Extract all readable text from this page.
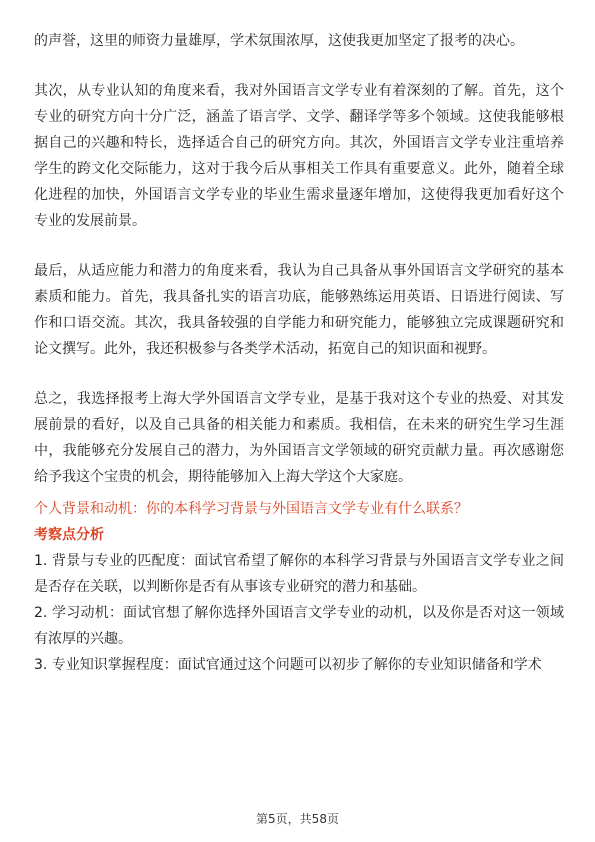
的声誉，这里的师资力量雄厚，学术氛围浓厚，这使我更加坚定了报考的决心。

其次，从专业认知的角度来看，我对外国语言文学专业有着深刻的了解。首先，这个专业的研究方向十分广泛，涵盖了语言学、文学、翻译学等多个领域。这使我能够根据自己的兴趣和特长，选择适合自己的研究方向。其次，外国语言文学专业注重培养学生的跨文化交际能力，这对于我今后从事相关工作具有重要意义。此外，随着全球化进程的加快，外国语言文学专业的毕业生需求量逐年增加，这使得我更加看好这个专业的发展前景。

最后，从适应能力和潜力的角度来看，我认为自己具备从事外国语言文学研究的基本素质和能力。首先，我具备扎实的语言功底，能够熟练运用英语、日语进行阅读、写作和口语交流。其次，我具备较强的自学能力和研究能力，能够独立完成课题研究和论文撰写。此外，我还积极参与各类学术活动，拓宽自己的知识面和视野。

总之，我选择报考上海大学外国语言文学专业，是基于我对这个专业的热爱、对其发展前景的看好，以及自己具备的相关能力和素质。我相信，在未来的研究生学习生涯中，我能够充分发展自己的潜力，为外国语言文学领域的研究贡献力量。再次感谢您给予我这个宝贵的机会，期待能够加入上海大学这个大家庭。

个人背景和动机：你的本科学习背景与外国语言文学专业有什么联系？
考察点分析

1. 背景与专业的匹配度：面试官希望了解你的本科学习背景与外国语言文学专业之间是否存在关联，以判断你是否有从事该专业研究的潜力和基础。

2. 学习动机：面试官想了解你选择外国语言文学专业的动机，以及你是否对这一领域有浓厚的兴趣。

3. 专业知识掌握程度：面试官通过这个问题可以初步了解你的专业知识储备和学术

第5页，共58页
